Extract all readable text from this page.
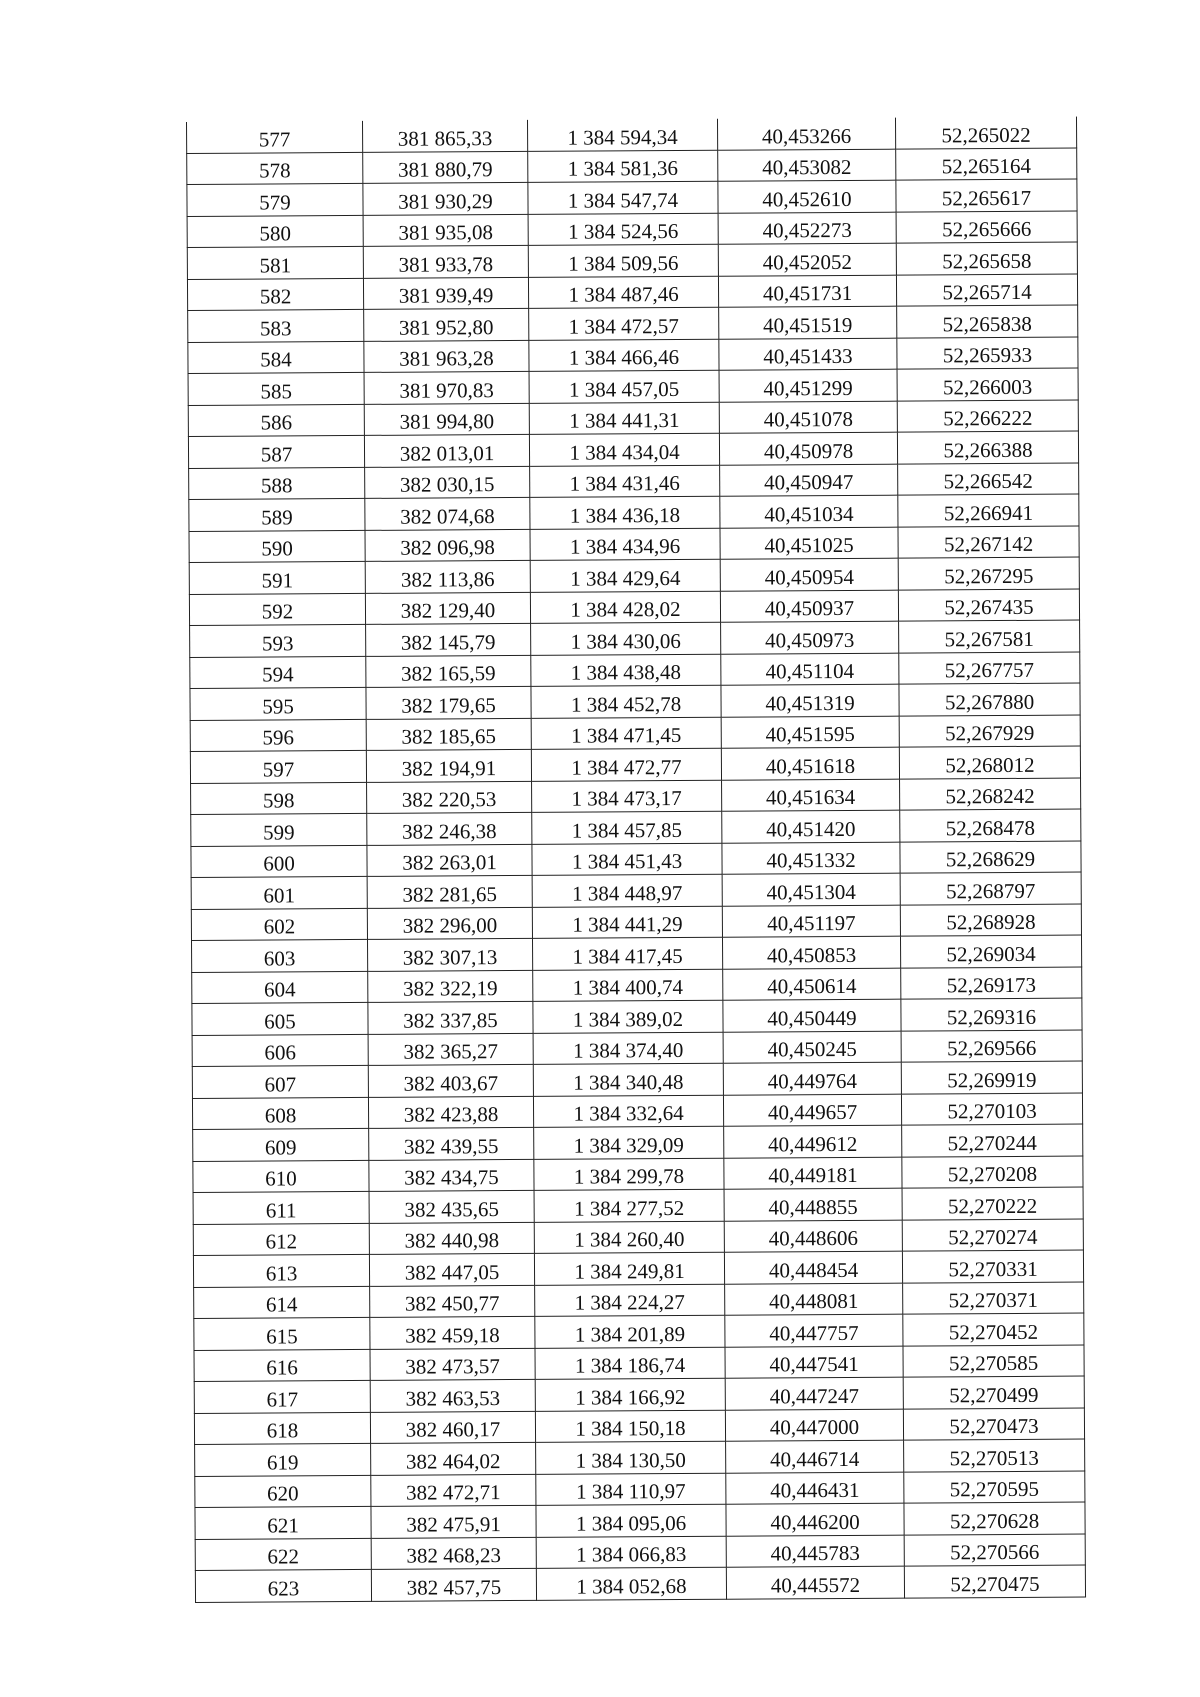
577	381 865,33	1 384 594,34	40,453266	52,265022
578	381 880,79	1 384 581,36	40,453082	52,265164
579	381 930,29	1 384 547,74	40,452610	52,265617
580	381 935,08	1 384 524,56	40,452273	52,265666
581	381 933,78	1 384 509,56	40,452052	52,265658
582	381 939,49	1 384 487,46	40,451731	52,265714
583	381 952,80	1 384 472,57	40,451519	52,265838
584	381 963,28	1 384 466,46	40,451433	52,265933
585	381 970,83	1 384 457,05	40,451299	52,266003
586	381 994,80	1 384 441,31	40,451078	52,266222
587	382 013,01	1 384 434,04	40,450978	52,266388
588	382 030,15	1 384 431,46	40,450947	52,266542
589	382 074,68	1 384 436,18	40,451034	52,266941
590	382 096,98	1 384 434,96	40,451025	52,267142
591	382 113,86	1 384 429,64	40,450954	52,267295
592	382 129,40	1 384 428,02	40,450937	52,267435
593	382 145,79	1 384 430,06	40,450973	52,267581
594	382 165,59	1 384 438,48	40,451104	52,267757
595	382 179,65	1 384 452,78	40,451319	52,267880
596	382 185,65	1 384 471,45	40,451595	52,267929
597	382 194,91	1 384 472,77	40,451618	52,268012
598	382 220,53	1 384 473,17	40,451634	52,268242
599	382 246,38	1 384 457,85	40,451420	52,268478
600	382 263,01	1 384 451,43	40,451332	52,268629
601	382 281,65	1 384 448,97	40,451304	52,268797
602	382 296,00	1 384 441,29	40,451197	52,268928
603	382 307,13	1 384 417,45	40,450853	52,269034
604	382 322,19	1 384 400,74	40,450614	52,269173
605	382 337,85	1 384 389,02	40,450449	52,269316
606	382 365,27	1 384 374,40	40,450245	52,269566
607	382 403,67	1 384 340,48	40,449764	52,269919
608	382 423,88	1 384 332,64	40,449657	52,270103
609	382 439,55	1 384 329,09	40,449612	52,270244
610	382 434,75	1 384 299,78	40,449181	52,270208
611	382 435,65	1 384 277,52	40,448855	52,270222
612	382 440,98	1 384 260,40	40,448606	52,270274
613	382 447,05	1 384 249,81	40,448454	52,270331
614	382 450,77	1 384 224,27	40,448081	52,270371
615	382 459,18	1 384 201,89	40,447757	52,270452
616	382 473,57	1 384 186,74	40,447541	52,270585
617	382 463,53	1 384 166,92	40,447247	52,270499
618	382 460,17	1 384 150,18	40,447000	52,270473
619	382 464,02	1 384 130,50	40,446714	52,270513
620	382 472,71	1 384 110,97	40,446431	52,270595
621	382 475,91	1 384 095,06	40,446200	52,270628
622	382 468,23	1 384 066,83	40,445783	52,270566
623	382 457,75	1 384 052,68	40,445572	52,270475
